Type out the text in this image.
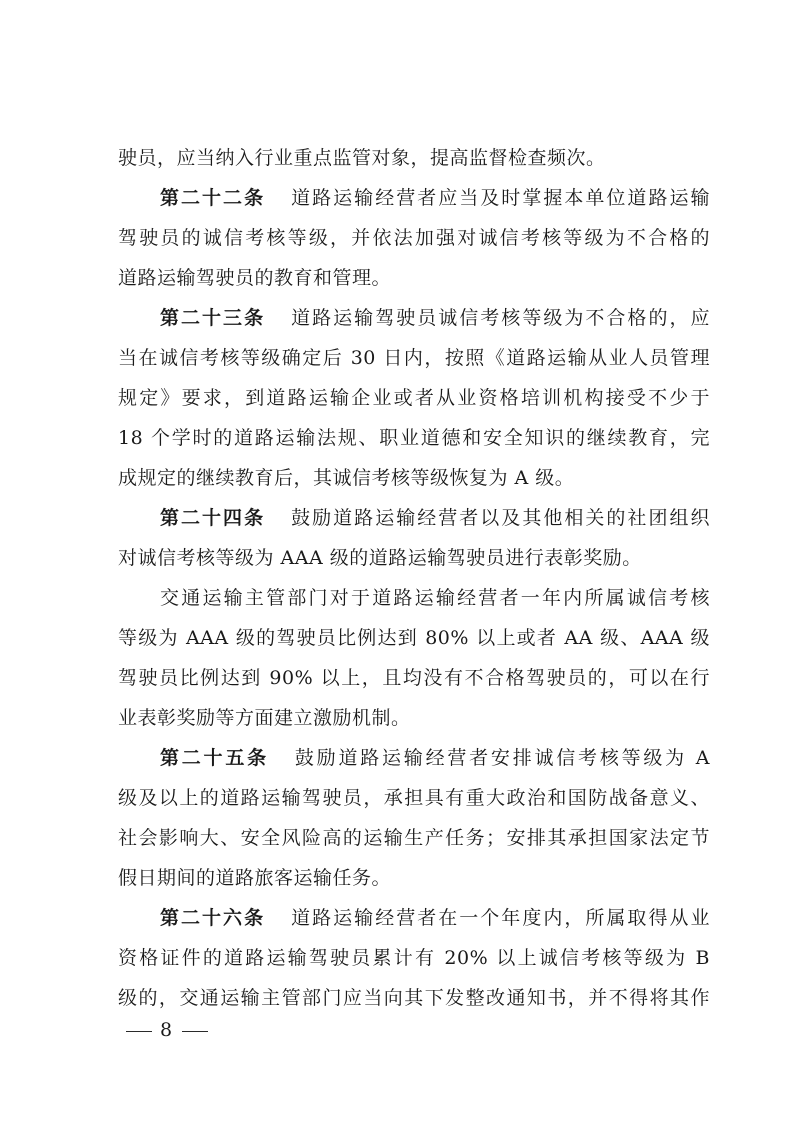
驶员，应当纳入行业重点监管对象，提高监督检查频次。
第二十二条 道路运输经营者应当及时掌握本单位道路运输
驾驶员的诚信考核等级，并依法加强对诚信考核等级为不合格的
道路运输驾驶员的教育和管理。
第二十三条 道路运输驾驶员诚信考核等级为不合格的，应
当在诚信考核等级确定后 30 日内，按照《道路运输从业人员管理
规定》要求，到道路运输企业或者从业资格培训机构接受不少于
18 个学时的道路运输法规、职业道德和安全知识的继续教育，完
成规定的继续教育后，其诚信考核等级恢复为 A 级。
第二十四条 鼓励道路运输经营者以及其他相关的社团组织
对诚信考核等级为 AAA 级的道路运输驾驶员进行表彰奖励。
交通运输主管部门对于道路运输经营者一年内所属诚信考核
等级为 AAA 级的驾驶员比例达到 80% 以上或者 AA 级、AAA 级
驾驶员比例达到 90% 以上，且均没有不合格驾驶员的，可以在行
业表彰奖励等方面建立激励机制。
第二十五条 鼓励道路运输经营者安排诚信考核等级为 A
级及以上的道路运输驾驶员，承担具有重大政治和国防战备意义、
社会影响大、安全风险高的运输生产任务；安排其承担国家法定节
假日期间的道路旅客运输任务。
第二十六条 道路运输经营者在一个年度内，所属取得从业
资格证件的道路运输驾驶员累计有 20% 以上诚信考核等级为 B
级的，交通运输主管部门应当向其下发整改通知书，并不得将其作
8
